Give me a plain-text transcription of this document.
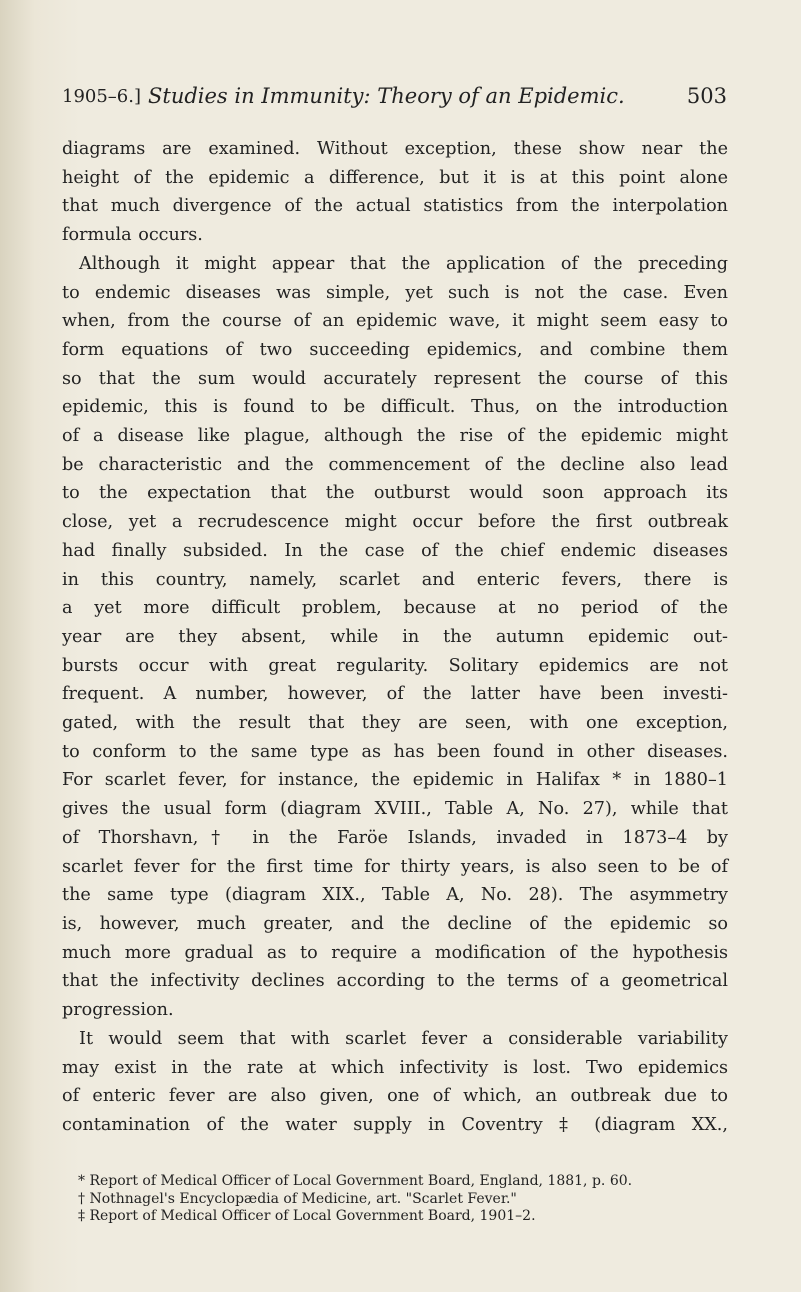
1905–6.] Studies in Immunity: Theory of an Epidemic.	503

diagrams are examined. Without exception, these show near the

height of the epidemic a difference, but it is at this point alone

that much divergence of the actual statistics from the interpolation

formula occurs.

Although it might appear that the application of the preceding

to endemic diseases was simple, yet such is not the case. Even

when, from the course of an epidemic wave, it might seem easy to

form equations of two succeeding epidemics, and combine them

so that the sum would accurately represent the course of this

epidemic, this is found to be difficult. Thus, on the introduction

of a disease like plague, although the rise of the epidemic might

be characteristic and the commencement of the decline also lead

to the expectation that the outburst would soon approach its

close, yet a recrudescence might occur before the first outbreak

had finally subsided. In the case of the chief endemic diseases

in this country, namely, scarlet and enteric fevers, there is

a yet more difficult problem, because at no period of the

year are they absent, while in the autumn epidemic out-

bursts occur with great regularity. Solitary epidemics are not

frequent. A number, however, of the latter have been investi-

gated, with the result that they are seen, with one exception,

to conform to the same type as has been found in other diseases.

For scarlet fever, for instance, the epidemic in Halifax * in 1880–1

gives the usual form (diagram XVIII., Table A, No. 27), while that

of Thorshavn,† in the Faröe Islands, invaded in 1873–4 by

scarlet fever for the first time for thirty years, is also seen to be of

the same type (diagram XIX., Table A, No. 28). The asymmetry

is, however, much greater, and the decline of the epidemic so

much more gradual as to require a modification of the hypothesis

that the infectivity declines according to the terms of a geometrical

progression.

It would seem that with scarlet fever a considerable variability

may exist in the rate at which infectivity is lost. Two epidemics

of enteric fever are also given, one of which, an outbreak due to

contamination of the water supply in Coventry ‡ (diagram XX.,

* Report of Medical Officer of Local Government Board, England, 1881, p. 60.

† Nothnagel's Encyclopædia of Medicine, art. "Scarlet Fever."

‡ Report of Medical Officer of Local Government Board, 1901–2.
